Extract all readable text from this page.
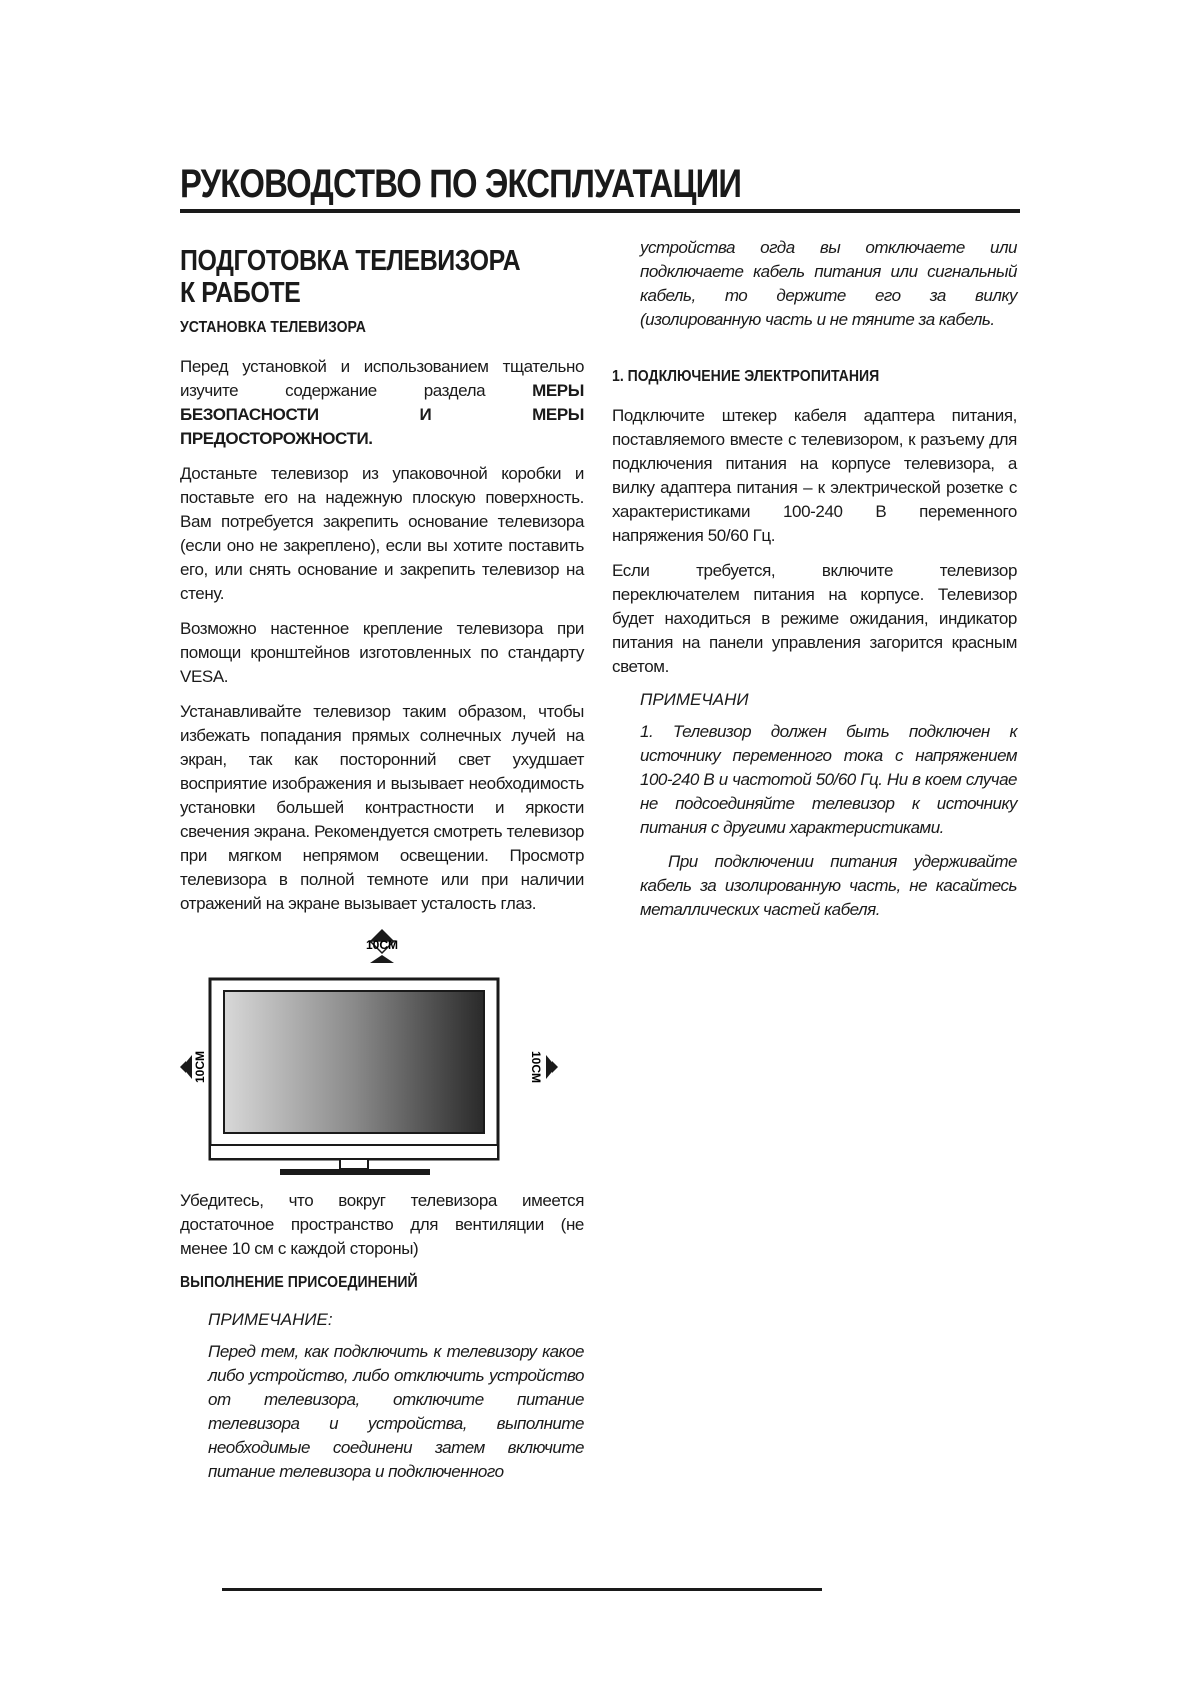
РУКОВОДСТВО ПО ЭКСПЛУАТАЦИИ
ПОДГОТОВКА ТЕЛЕВИЗОРА
К РАБОТЕ
УСТАНОВКА ТЕЛЕВИЗОРА

Перед установкой и использованием тщательно изучите содержание раздела МЕРЫ БЕЗОПАСНОСТИ И МЕРЫ ПРЕДОСТОРОЖНОСТИ.

Достаньте телевизор из упаковочной коробки и поставьте его на надежную плоскую поверхность. Вам потребуется закрепить основание телевизора (если оно не закреплено), если вы хотите поставить его, или снять основание и закрепить телевизор на стену.

Возможно настенное крепление телевизора при помощи кронштейнов изготовленных по стандарту VESA.

Устанавливайте телевизор таким образом, чтобы избежать попадания прямых солнечных лучей на экран, так как посторонний свет ухудшает восприятие изображения и вызывает необходимость установки большей контрастности и яркости свечения экрана. Рекомендуется смотреть телевизор при мягком непрямом освещении. Просмотр телевизора в полной темноте или при наличии отражений на экране вызывает усталость глаз.

10CM
10CM	10CM

Убедитесь, что вокруг телевизора имеется достаточное пространство для вентиляции (не менее 10 см с каждой стороны)

ВЫПОЛНЕНИЕ ПРИСОЕДИНЕНИЙ
ПРИМЕЧАНИЕ:

Перед тем, как подключить к телевизору какое либо устройство, либо отключить устройство от телевизора, отключите питание телевизора и устройства, выполните необходимые соединени затем включите питание телевизора и подключенного

устройства огда вы отключаете или подключаете кабель питания или сигнальный кабель, то держите его за вилку (изолированную часть и не тяните за кабель.

1. ПОДКЛЮЧЕНИЕ ЭЛЕКТРОПИТАНИЯ

Подключите штекер кабеля адаптера питания, поставляемого вместе с телевизором, к разъему для подключения питания на корпусе телевизора, а вилку адаптера питания – к электрической розетке с характеристиками 100-240 В переменного напряжения 50/60 Гц.

Если требуется, включите телевизор переключателем питания на корпусе. Телевизор будет находиться в режиме ожидания, индикатор питания на панели управления загорится красным светом.

ПРИМЕЧАНИ

1. Телевизор должен быть подключен к источнику переменного тока с напряжением 100-240 В и частотой 50/60 Гц. Ни в коем случае не подсоединяйте телевизор к источнику питания с другими характеристиками.

При подключении питания удерживайте кабель за изолированную часть, не касайтесь металлических частей кабеля.
